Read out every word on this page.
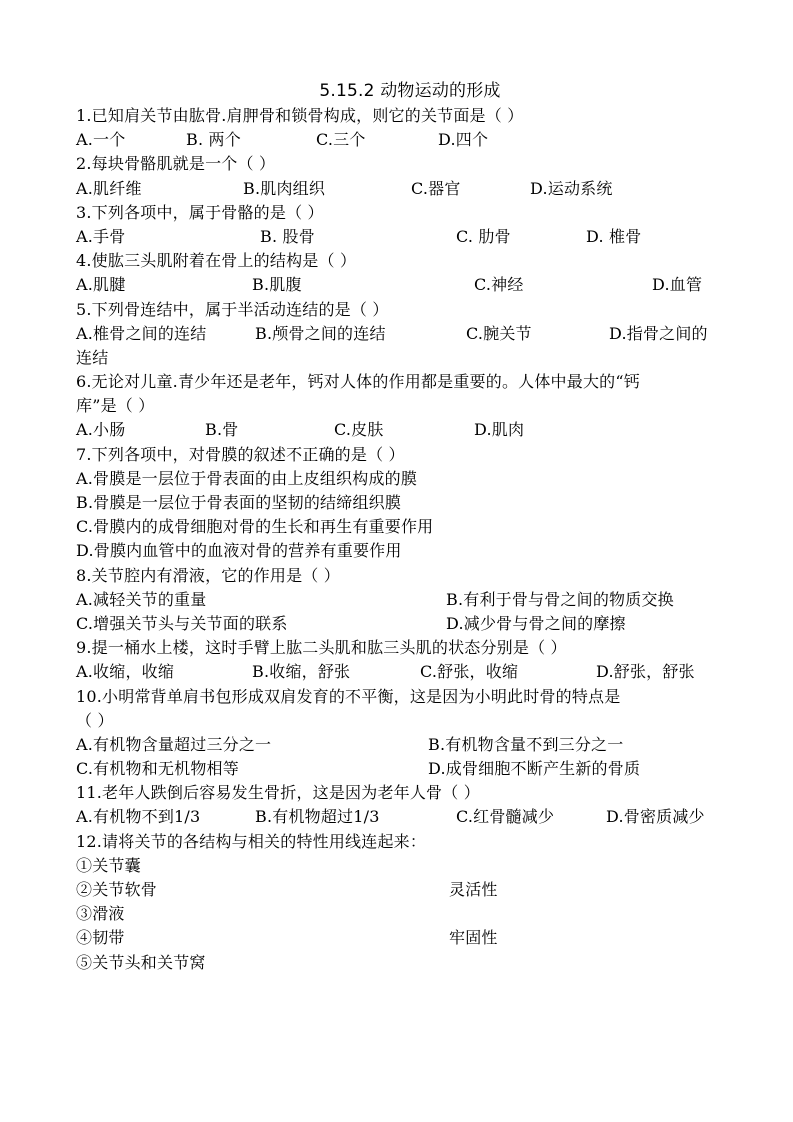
5.15.2 动物运动的形成
1.已知肩关节由肱骨.肩胛骨和锁骨构成，则它的关节面是（ ）
A.一个	B. 两个	C.三个	D.四个
2.每块骨骼肌就是一个（ ）
A.肌纤维	B.肌肉组织	C.器官	D.运动系统
3.下列各项中，属于骨骼的是（ ）
A.手骨	B. 股骨	C. 肋骨	D. 椎骨
4.使肱三头肌附着在骨上的结构是（ ）
A.肌腱	B.肌腹	C.神经	D.血管
5.下列骨连结中，属于半活动连结的是（ ）
A.椎骨之间的连结	B.颅骨之间的连结	C.腕关节	D.指骨之间的
连结
6.无论对儿童.青少年还是老年，钙对人体的作用都是重要的。人体中最大的“钙
库”是（ ）
A.小肠	B.骨	C.皮肤	D.肌肉
7.下列各项中，对骨膜的叙述不正确的是（ ）
A.骨膜是一层位于骨表面的由上皮组织构成的膜
B.骨膜是一层位于骨表面的坚韧的结缔组织膜
C.骨膜内的成骨细胞对骨的生长和再生有重要作用
D.骨膜内血管中的血液对骨的营养有重要作用
8.关节腔内有滑液，它的作用是（ ）
A.减轻关节的重量	B.有利于骨与骨之间的物质交换
C.增强关节头与关节面的联系	D.减少骨与骨之间的摩擦
9.提一桶水上楼，这时手臂上肱二头肌和肱三头肌的状态分别是（ ）
A.收缩，收缩	B.收缩，舒张	C.舒张，收缩	D.舒张，舒张
10.小明常背单肩书包形成双肩发育的不平衡，这是因为小明此时骨的特点是
（ ）
A.有机物含量超过三分之一	B.有机物含量不到三分之一
C.有机物和无机物相等	D.成骨细胞不断产生新的骨质
11.老年人跌倒后容易发生骨折，这是因为老年人骨（ ）
A.有机物不到1/3	B.有机物超过1/3	C.红骨髓减少	D.骨密质减少
12.请将关节的各结构与相关的特性用线连起来：
①关节囊
②关节软骨	灵活性
③滑液
④韧带	牢固性
⑤关节头和关节窝
